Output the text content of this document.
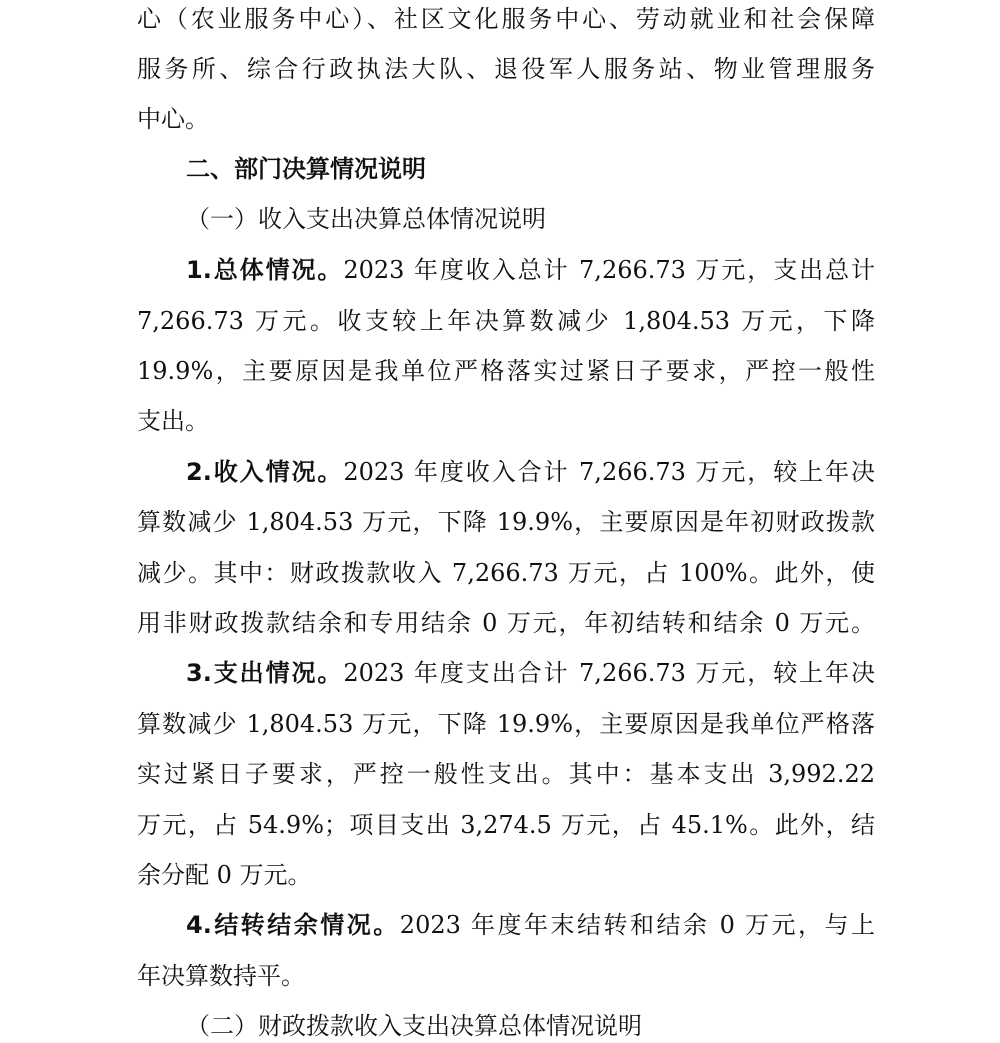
心（农业服务中心）、社区文化服务中心、劳动就业和社会保障
服务所、综合行政执法大队、退役军人服务站、物业管理服务
中心。
二、部门决算情况说明
（一）收入支出决算总体情况说明
1.总体情况。2023 年度收入总计 7,266.73 万元，支出总计
7,266.73 万元。收支较上年决算数减少 1,804.53 万元，下降
19.9%，主要原因是我单位严格落实过紧日子要求，严控一般性
支出。
2.收入情况。2023 年度收入合计 7,266.73 万元，较上年决
算数减少 1,804.53 万元，下降 19.9%，主要原因是年初财政拨款
减少。其中：财政拨款收入 7,266.73 万元，占 100%。此外，使
用非财政拨款结余和专用结余 0 万元，年初结转和结余 0 万元。
3.支出情况。2023 年度支出合计 7,266.73 万元，较上年决
算数减少 1,804.53 万元，下降 19.9%，主要原因是我单位严格落
实过紧日子要求，严控一般性支出。其中：基本支出 3,992.22
万元，占 54.9%；项目支出 3,274.5 万元，占 45.1%。此外，结
余分配 0 万元。
4.结转结余情况。2023 年度年末结转和结余 0 万元，与上
年决算数持平。
（二）财政拨款收入支出决算总体情况说明
